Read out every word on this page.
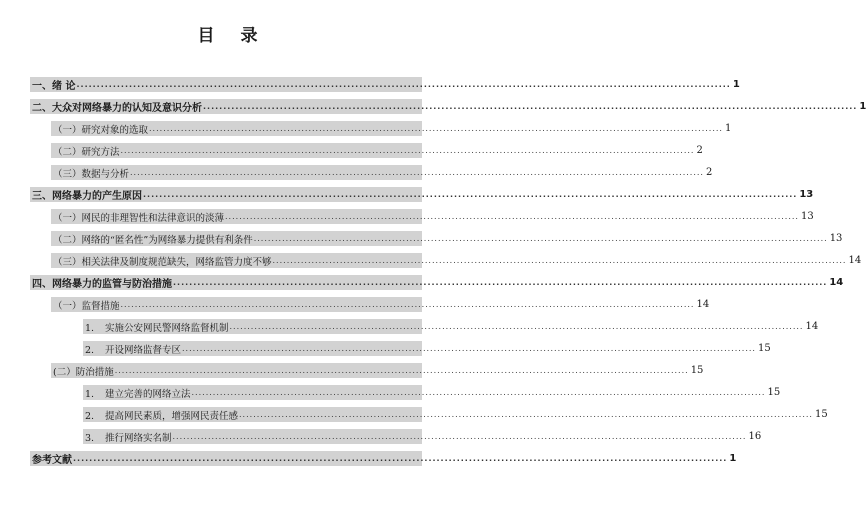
目 录
一、绪 论 .................................................................................................................................................................. 1
二、大众对网络暴力的认知及意识分析 .................................................................................................................................................................. 1
（一）研究对象的选取 .................................................................................................................................................................. 1
（二）研究方法 .................................................................................................................................................................. 2
（三）数据与分析 .................................................................................................................................................................. 2
三、网络暴力的产生原因 .................................................................................................................................................................. 13
（一）网民的非理智性和法律意识的淡薄 .................................................................................................................................................................. 13
（二）网络的“匿名性”为网络暴力提供有利条件 .................................................................................................................................................................. 13
（三）相关法律及制度规范缺失，网络监管力度不够 .................................................................................................................................................................. 14
四、网络暴力的监管与防治措施 .................................................................................................................................................................. 14
（一）监督措施 .................................................................................................................................................................. 14
1. 实施公安网民警网络监督机制 .................................................................................................................................................................. 14
2. 开设网络监督专区 .................................................................................................................................................................. 15
(二）防治措施 .................................................................................................................................................................. 15
1. 建立完善的网络立法 .................................................................................................................................................................. 15
2. 提高网民素质，增强网民责任感 .................................................................................................................................................................. 15
3. 推行网络实名制 .................................................................................................................................................................. 16
参考文献 .................................................................................................................................................................. 1
